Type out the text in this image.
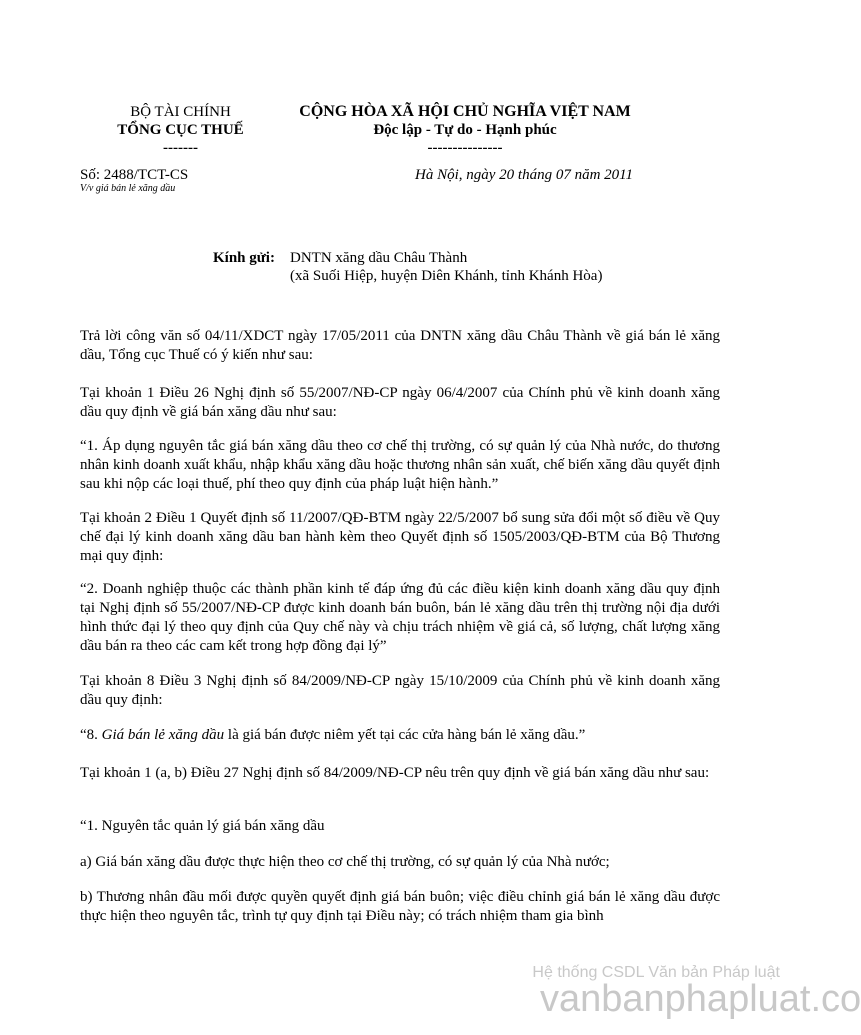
BỘ TÀI CHÍNH
TỔNG CỤC THUẾ
-------
CỘNG HÒA XÃ HỘI CHỦ NGHĨA VIỆT NAM
Độc lập - Tự do - Hạnh phúc
---------------
Số: 2488/TCT-CS
V/v giá bán lẻ xăng dầu
Hà Nội, ngày 20 tháng 07 năm 2011
Kính gửi: DNTN xăng dầu Châu Thành
(xã Suối Hiệp, huyện Diên Khánh, tỉnh Khánh Hòa)

Trả lời công văn số 04/11/XDCT ngày 17/05/2011 của DNTN xăng dầu Châu Thành về giá bán lẻ xăng dầu, Tổng cục Thuế có ý kiến như sau:

Tại khoản 1 Điều 26 Nghị định số 55/2007/NĐ-CP ngày 06/4/2007 của Chính phủ về kinh doanh xăng dầu quy định về giá bán xăng dầu như sau:

“1. Áp dụng nguyên tắc giá bán xăng dầu theo cơ chế thị trường, có sự quản lý của Nhà nước, do thương nhân kinh doanh xuất khẩu, nhập khẩu xăng dầu hoặc thương nhân sản xuất, chế biến xăng dầu quyết định sau khi nộp các loại thuế, phí theo quy định của pháp luật hiện hành.”

Tại khoản 2 Điều 1 Quyết định số 11/2007/QĐ-BTM ngày 22/5/2007 bổ sung sửa đổi một số điều về Quy chế đại lý kinh doanh xăng dầu ban hành kèm theo Quyết định số 1505/2003/QĐ-BTM của Bộ Thương mại quy định:

“2. Doanh nghiệp thuộc các thành phần kinh tế đáp ứng đủ các điều kiện kinh doanh xăng dầu quy định tại Nghị định số 55/2007/NĐ-CP được kinh doanh bán buôn, bán lẻ xăng dầu trên thị trường nội địa dưới hình thức đại lý theo quy định của Quy chế này và chịu trách nhiệm về giá cả, số lượng, chất lượng xăng dầu bán ra theo các cam kết trong hợp đồng đại lý”

Tại khoản 8 Điều 3 Nghị định số 84/2009/NĐ-CP ngày 15/10/2009 của Chính phủ về kinh doanh xăng dầu quy định:

“8. Giá bán lẻ xăng dầu là giá bán được niêm yết tại các cửa hàng bán lẻ xăng dầu.”

Tại khoản 1 (a, b) Điều 27 Nghị định số 84/2009/NĐ-CP nêu trên quy định về giá bán xăng dầu như sau:

“1. Nguyên tắc quản lý giá bán xăng dầu

a) Giá bán xăng dầu được thực hiện theo cơ chế thị trường, có sự quản lý của Nhà nước;

b) Thương nhân đầu mối được quyền quyết định giá bán buôn; việc điều chỉnh giá bán lẻ xăng dầu được thực hiện theo nguyên tắc, trình tự quy định tại Điều này; có trách nhiệm tham gia bình

Hệ thống CSDL Văn bản Pháp luật
vanbanphapluat.co
